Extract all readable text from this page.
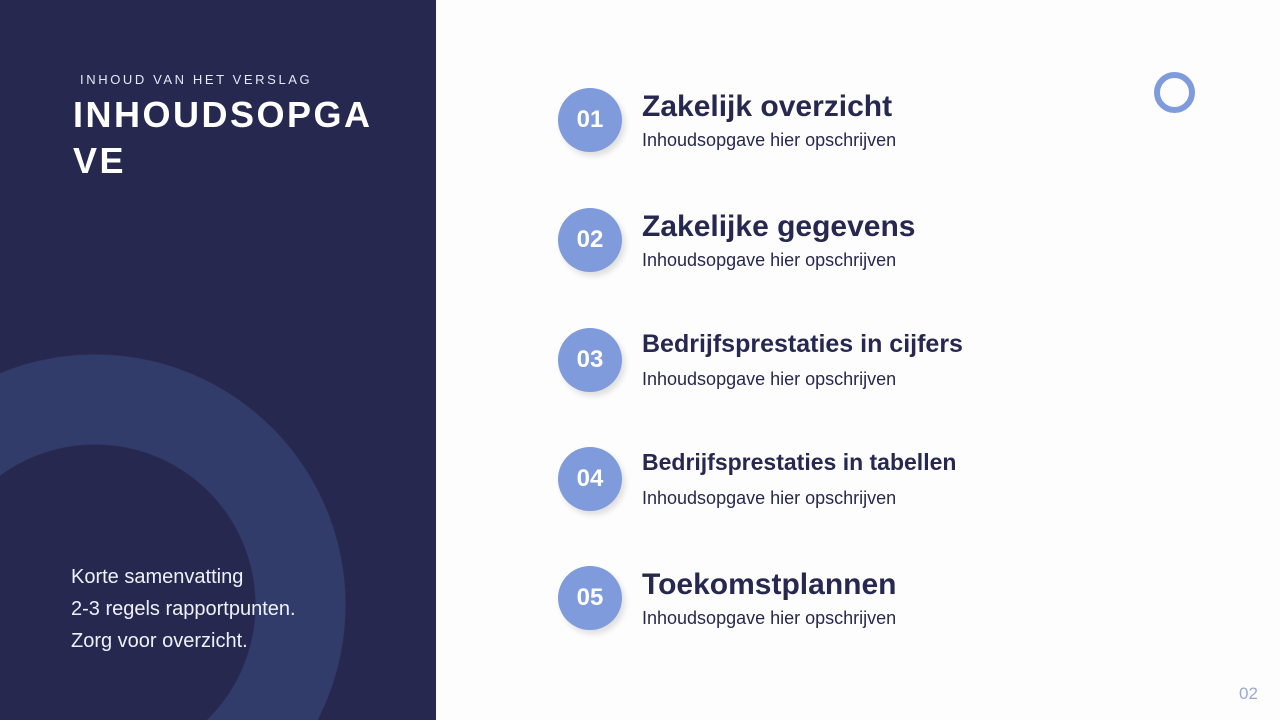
INHOUD VAN HET VERSLAG
INHOUDSOPGAVE
Korte samenvatting
2-3 regels rapportpunten.
Zorg voor overzicht.
01	Zakelijk overzicht
Inhoudsopgave hier opschrijven
02	Zakelijke gegevens
Inhoudsopgave hier opschrijven
03
Bedrijfsprestaties in cijfers
Inhoudsopgave hier opschrijven
04
Bedrijfsprestaties in tabellen
Inhoudsopgave hier opschrijven
05	Toekomstplannen
Inhoudsopgave hier opschrijven
02
